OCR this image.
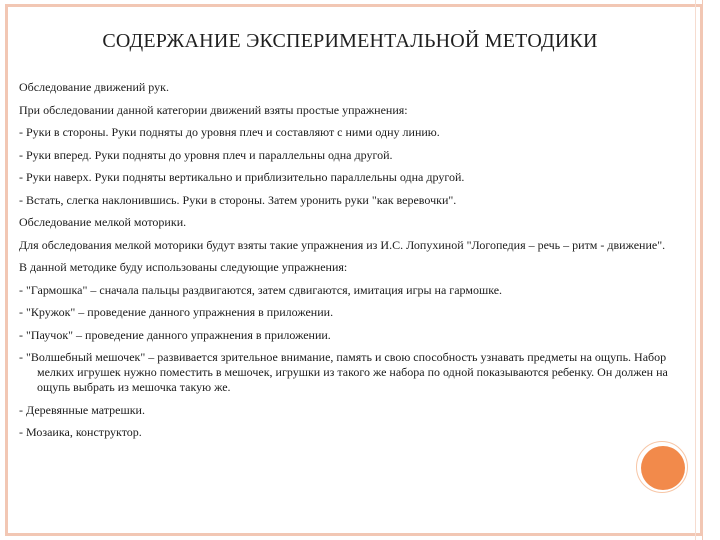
СОДЕРЖАНИЕ ЭКСПЕРИМЕНТАЛЬНОЙ МЕТОДИКИ

Обследование движений рук.

При обследовании данной категории движений взяты простые упражнения:

- Руки в стороны. Руки подняты до уровня плеч и составляют с ними одну линию.

- Руки вперед. Руки подняты до уровня плеч и параллельны одна другой.

- Руки наверх. Руки подняты вертикально и приблизительно параллельны одна другой.

- Встать, слегка наклонившись. Руки в стороны. Затем уронить руки "как веревочки".

Обследование мелкой моторики.

Для обследования мелкой моторики будут взяты такие упражнения из И.С. Лопухиной "Логопедия – речь – ритм - движение".

В данной методике буду использованы следующие упражнения:

- "Гармошка" – сначала пальцы раздвигаются, затем сдвигаются, имитация игры на гармошке.

- "Кружок" – проведение данного упражнения в приложении.

- "Паучок" – проведение данного упражнения в приложении.

- "Волшебный мешочек" – развивается зрительное внимание, память и свою способность узнавать предметы на ощупь. Набор мелких игрушек нужно поместить в мешочек, игрушки из такого же набора по одной показываются ребенку. Он должен на ощупь выбрать из мешочка такую же.

- Деревянные матрешки.

- Мозаика, конструктор.
